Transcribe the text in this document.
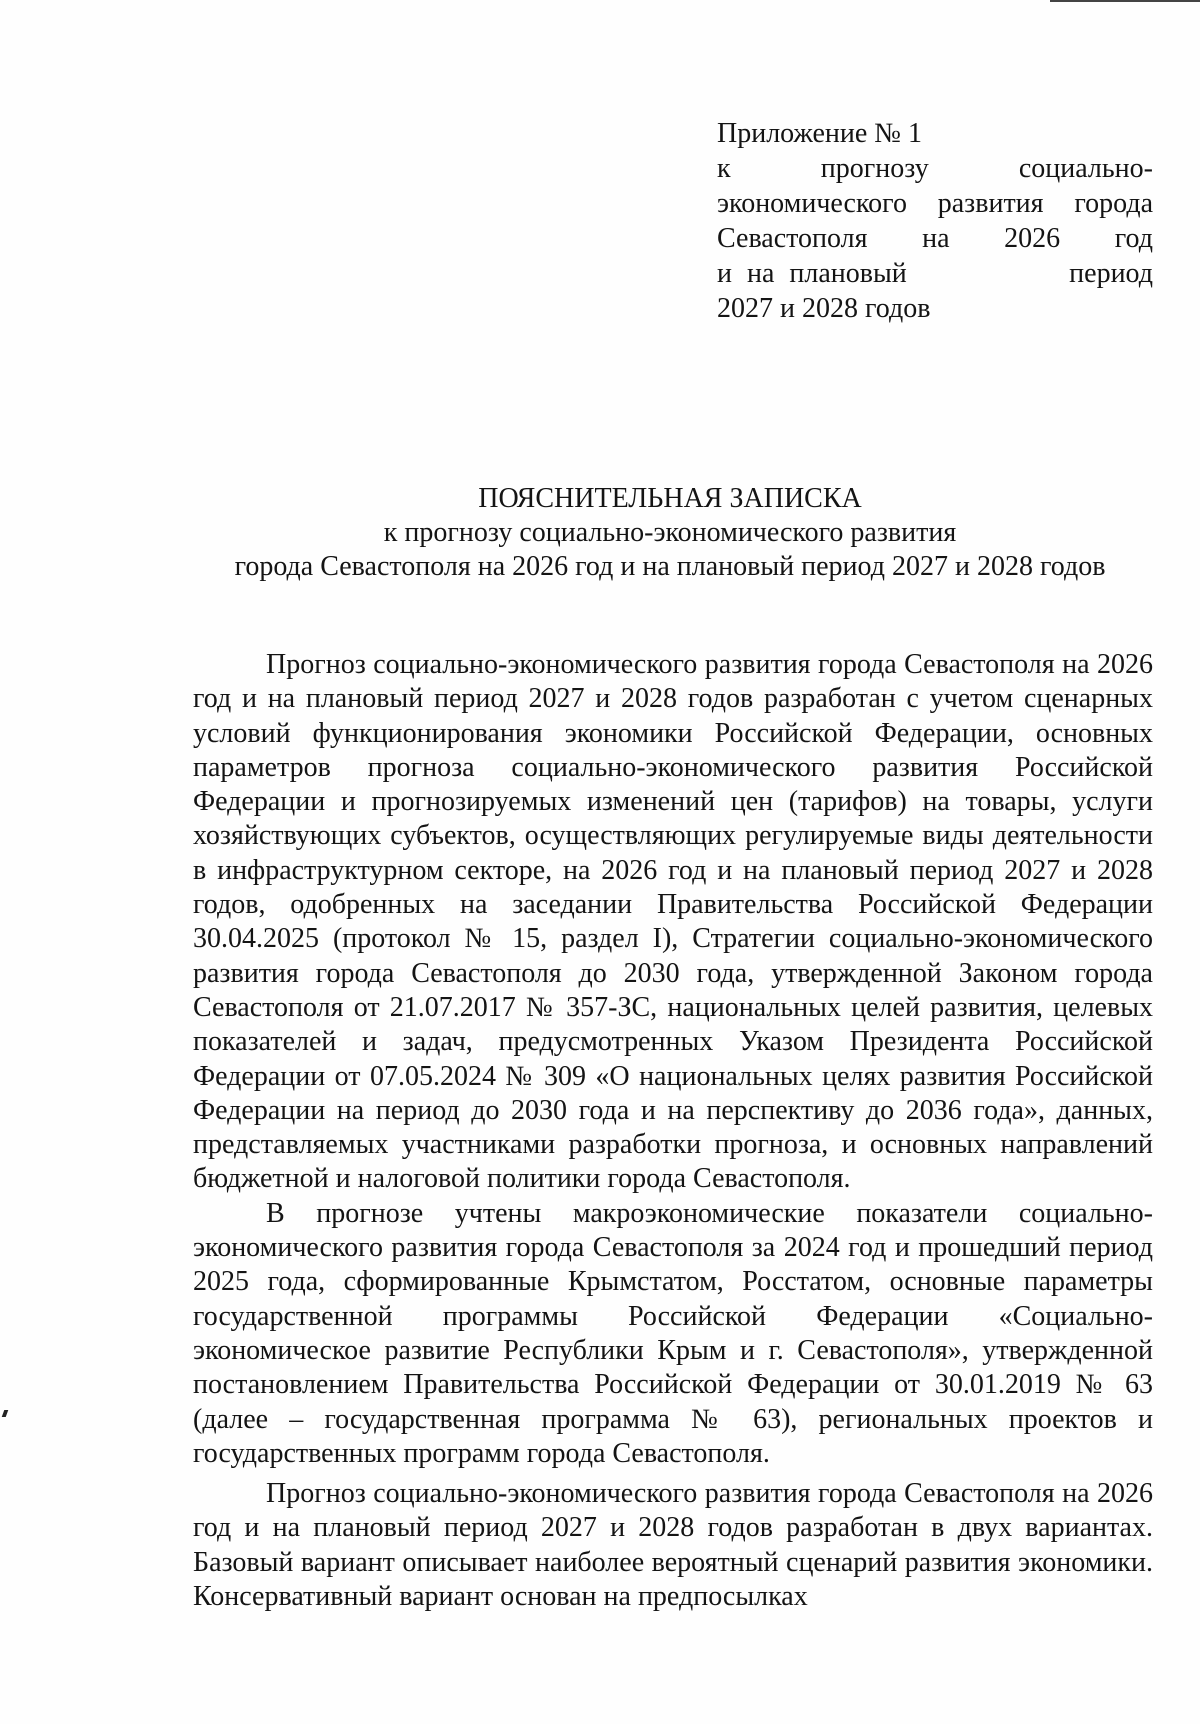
Приложение № 1
к	прогнозу	социально-
экономического развития города
Севастополя на 2026 год
и на плановый	период
2027 и 2028 годов
ПОЯСНИТЕЛЬНАЯ ЗАПИСКА
к прогнозу социально-экономического развития
города Севастополя на 2026 год и на плановый период 2027 и 2028 годов

Прогноз социально-экономического развития города Севастополя на 2026 год и на плановый период 2027 и 2028 годов разработан с учетом сценарных условий функционирования экономики Российской Федерации, основных параметров прогноза социально-экономического развития Российской Федерации и прогнозируемых изменений цен (тарифов) на товары, услуги хозяйствующих субъектов, осуществляющих регулируемые виды деятельности в инфраструктурном секторе, на 2026 год и на плановый период 2027 и 2028 годов, одобренных на заседании Правительства Российской Федерации 30.04.2025 (протокол № 15, раздел I), Стратегии социально-экономического развития города Севастополя до 2030 года, утвержденной Законом города Севастополя от 21.07.2017 № 357-ЗС, национальных целей развития, целевых показателей и задач, предусмотренных Указом Президента Российской Федерации от 07.05.2024 № 309 «О национальных целях развития Российской Федерации на период до 2030 года и на перспективу до 2036 года», данных, представляемых участниками разработки прогноза, и основных направлений бюджетной и налоговой политики города Севастополя.

В прогнозе учтены макроэкономические показатели социально-экономического развития города Севастополя за 2024 год и прошедший период 2025 года, сформированные Крымстатом, Росстатом, основные параметры государственной программы Российской Федерации «Социально-экономическое развитие Республики Крым и г. Севастополя», утвержденной постановлением Правительства Российской Федерации от 30.01.2019 № 63 (далее – государственная программа № 63), региональных проектов и государственных программ города Севастополя.

Прогноз социально-экономического развития города Севастополя на 2026 год и на плановый период 2027 и 2028 годов разработан в двух вариантах. Базовый вариант описывает наиболее вероятный сценарий развития экономики. Консервативный вариант основан на предпосылках
